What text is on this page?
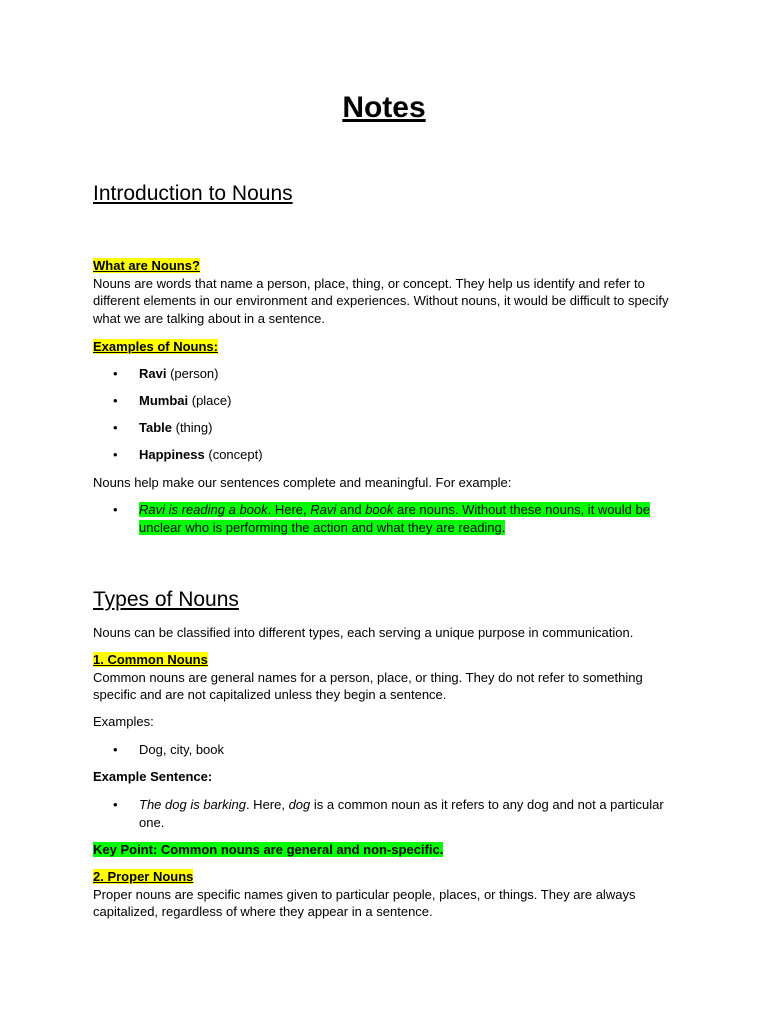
Notes
Introduction to Nouns
What are Nouns?
Nouns are words that name a person, place, thing, or concept. They help us identify and refer to different elements in our environment and experiences. Without nouns, it would be difficult to specify what we are talking about in a sentence.
Examples of Nouns:
•	Ravi (person)
•	Mumbai (place)
•	Table (thing)
•	Happiness (concept)
Nouns help make our sentences complete and meaningful. For example:
•	Ravi is reading a book. Here, Ravi and book are nouns. Without these nouns, it would be unclear who is performing the action and what they are reading.
Types of Nouns
Nouns can be classified into different types, each serving a unique purpose in communication.
1. Common Nouns
Common nouns are general names for a person, place, or thing. They do not refer to something specific and are not capitalized unless they begin a sentence.
Examples:
•	Dog, city, book
Example Sentence:
•	The dog is barking. Here, dog is a common noun as it refers to any dog and not a particular one.
Key Point: Common nouns are general and non-specific.
2. Proper Nouns
Proper nouns are specific names given to particular people, places, or things. They are always capitalized, regardless of where they appear in a sentence.
